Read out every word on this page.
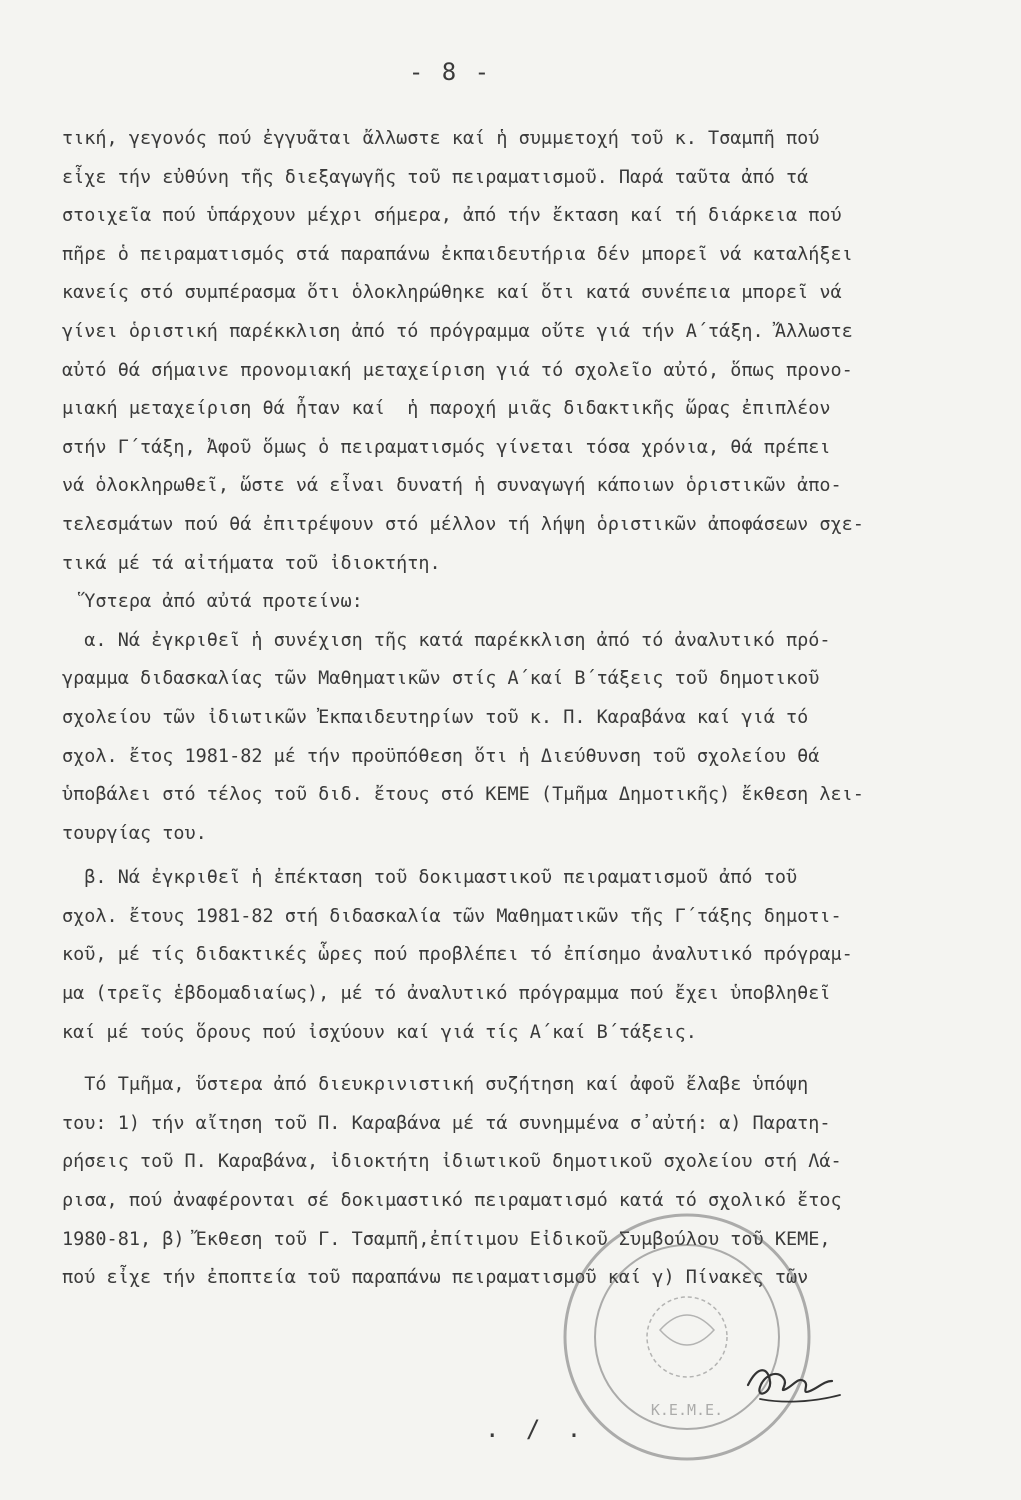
- 8 -
τική, γεγονός πού ἐγγυᾶται ἄλλωστε καί ἡ συμμετοχή τοῦ κ. Τσαμπῆ πού
εἶχε τήν εὐθύνη τῆς διεξαγωγῆς τοῦ πειραματισμοῦ. Παρά ταῦτα ἀπό τά
στοιχεῖα πού ὑπάρχουν μέχρι σήμερα, ἀπό τήν ἔκταση καί τή διάρκεια πού
πῆρε ὁ πειραματισμός στά παραπάνω ἐκπαιδευτήρια δέν μπορεῖ νά καταλήξει
κανείς στό συμπέρασμα ὅτι ὁλοκληρώθηκε καί ὅτι κατά συνέπεια μπορεῖ νά
γίνει ὁριστική παρέκκλιση ἀπό τό πρόγραμμα οὔτε γιά τήν Α΄τάξη. Ἄλλωστε
αὐτό θά σήμαινε προνομιακή μεταχείριση γιά τό σχολεῖο αὐτό, ὅπως προνο-
μιακή μεταχείριση θά ἦταν καί  ἡ παροχή μιᾶς διδακτικῆς ὥρας ἐπιπλέον
στήν Γ΄τάξη, Ἀφοῦ ὅμως ὁ πειραματισμός γίνεται τόσα χρόνια, θά πρέπει
νά ὁλοκληρωθεῖ, ὥστε νά εἶναι δυνατή ἡ συναγωγή κάποιων ὁριστικῶν ἀπο-
τελεσμάτων πού θά ἐπιτρέψουν στό μέλλον τή λήψη ὁριστικῶν ἀποφάσεων σχε-
τικά μέ τά αἰτήματα τοῦ ἰδιοκτήτη.
Ὕστερα ἀπό αὐτά προτείνω:
α. Νά ἐγκριθεῖ ἡ συνέχιση τῆς κατά παρέκκλιση ἀπό τό ἀναλυτικό πρό-
γραμμα διδασκαλίας τῶν Μαθηματικῶν στίς Α΄καί Β΄τάξεις τοῦ δημοτικοῦ
σχολείου τῶν ἰδιωτικῶν Ἐκπαιδευτηρίων τοῦ κ. Π. Καραβάνα καί γιά τό
σχολ. ἔτος 1981-82 μέ τήν προϋπόθεση ὅτι ἡ Διεύθυνση τοῦ σχολείου θά
ὑποβάλει στό τέλος τοῦ διδ. ἔτους στό ΚΕΜΕ (Τμῆμα Δημοτικῆς) ἔκθεση λει-
τουργίας του.
β. Νά ἐγκριθεῖ ἡ ἐπέκταση τοῦ δοκιμαστικοῦ πειραματισμοῦ ἀπό τοῦ
σχολ. ἔτους 1981-82 στή διδασκαλία τῶν Μαθηματικῶν τῆς Γ΄τάξης δημοτι-
κοῦ, μέ τίς διδακτικές ὧρες πού προβλέπει τό ἐπίσημο ἀναλυτικό πρόγραμ-
μα (τρεῖς ἑβδομαδιαίως), μέ τό ἀναλυτικό πρόγραμμα πού ἔχει ὑποβληθεῖ
καί μέ τούς ὅρους πού ἰσχύουν καί γιά τίς Α΄καί Β΄τάξεις.
Τό Τμῆμα, ὕστερα ἀπό διευκρινιστική συζήτηση καί ἀφοῦ ἔλαβε ὑπόψη
του: 1) τήν αἴτηση τοῦ Π. Καραβάνα μέ τά συνημμένα σ᾽αὐτή: α) Παρατη-
ρήσεις τοῦ Π. Καραβάνα, ἰδιοκτήτη ἰδιωτικοῦ δημοτικοῦ σχολείου στή Λά-
ρισα, πού ἀναφέρονται σέ δοκιμαστικό πειραματισμό κατά τό σχολικό ἔτος
1980-81, β) Ἔκθεση τοῦ Γ. Τσαμπῆ,ἐπίτιμου Εἰδικοῦ Συμβούλου τοῦ ΚΕΜΕ,
πού εἶχε τήν ἐποπτεία τοῦ παραπάνω πειραματισμοῦ καί γ) Πίνακες τῶν
Κ.Ε.Μ.Ε.
. / .
